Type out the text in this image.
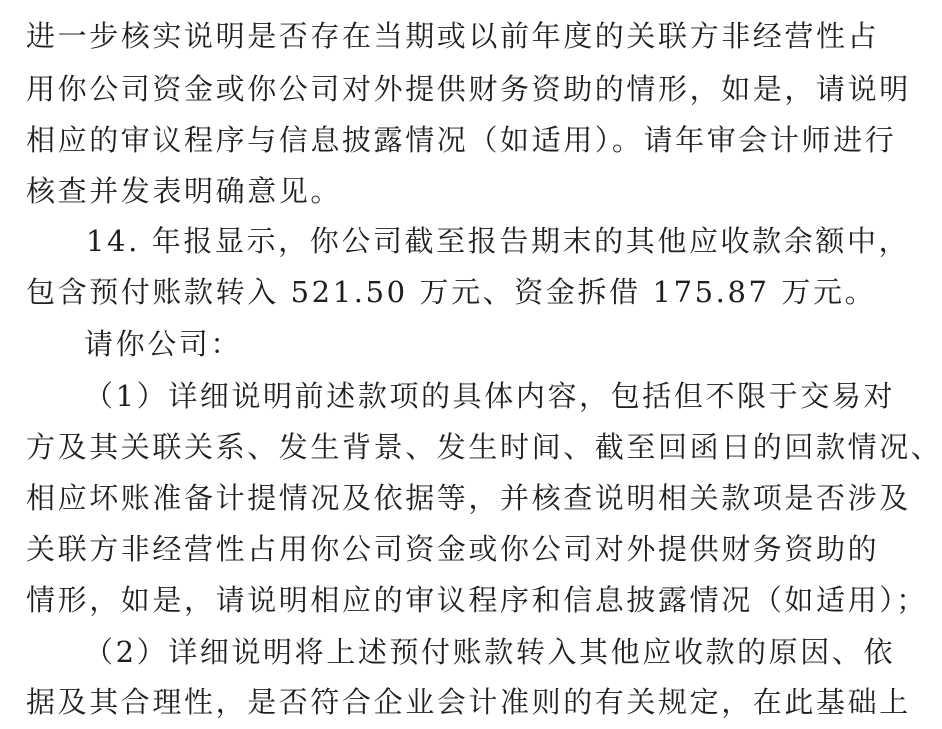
进一步核实说明是否存在当期或以前年度的关联方非经营性占
用你公司资金或你公司对外提供财务资助的情形，如是，请说明
相应的审议程序与信息披露情况（如适用）。请年审会计师进行
核查并发表明确意见。
14. 年报显示，你公司截至报告期末的其他应收款余额中，
包含预付账款转入 521.50 万元、资金拆借 175.87 万元。
请你公司：
（1）详细说明前述款项的具体内容，包括但不限于交易对
方及其关联关系、发生背景、发生时间、截至回函日的回款情况、
相应坏账准备计提情况及依据等，并核查说明相关款项是否涉及
关联方非经营性占用你公司资金或你公司对外提供财务资助的
情形，如是，请说明相应的审议程序和信息披露情况（如适用）；
（2）详细说明将上述预付账款转入其他应收款的原因、依
据及其合理性，是否符合企业会计准则的有关规定，在此基础上
